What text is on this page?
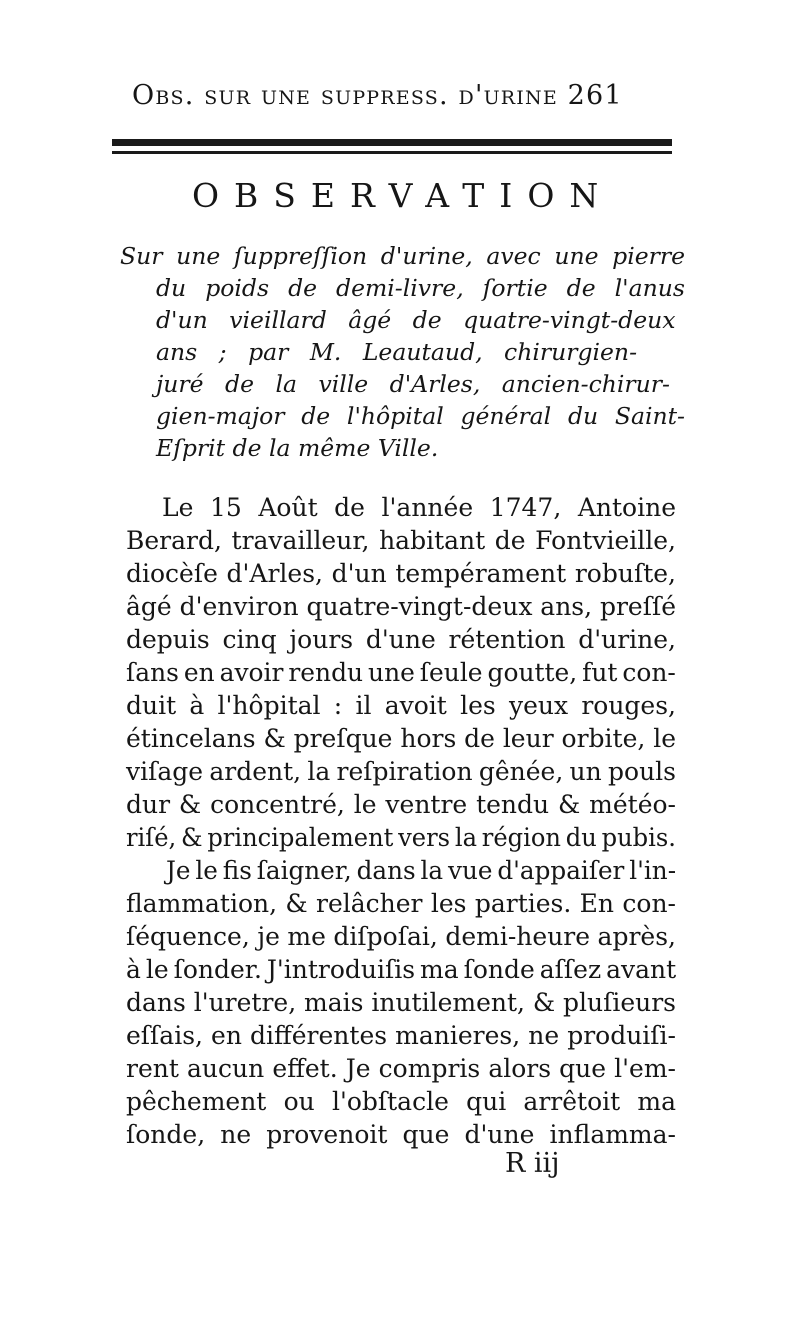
Obs. sur une suppress. d'urine 261
OBSERVATION
Sur une ſuppreſſion d'urine, avec une pierre
du poids de demi-livre, ſortie de l'anus
d'un vieillard âgé de quatre-vingt-deux
ans ; par M. Leautaud, chirurgien-
juré de la ville d'Arles, ancien-chirur-
gien-major de l'hôpital général du Saint-
Eſprit de la même Ville.
Le 15 Août de l'année 1747, Antoine
Berard, travailleur, habitant de Fontvieille,
diocèſe d'Arles, d'un tempérament robuſte,
âgé d'environ quatre-vingt-deux ans, preſſé
depuis cinq jours d'une rétention d'urine,
ſans en avoir rendu une ſeule goutte, fut con-
duit à l'hôpital : il avoit les yeux rouges,
étincelans & preſque hors de leur orbite, le
viſage ardent, la reſpiration gênée, un pouls
dur & concentré, le ventre tendu & météo-
riſé, & principalement vers la région du pubis.
Je le fis ſaigner, dans la vue d'appaiſer l'in-
flammation, & relâcher les parties. En con-
ſéquence, je me diſpoſai, demi-heure après,
à le ſonder. J'introduiſis ma ſonde aſſez avant
dans l'uretre, mais inutilement, & pluſieurs
eſſais, en différentes manieres, ne produiſi-
rent aucun effet. Je compris alors que l'em-
pêchement ou l'obſtacle qui arrêtoit ma
ſonde, ne provenoit que d'une inflamma-
R iij
